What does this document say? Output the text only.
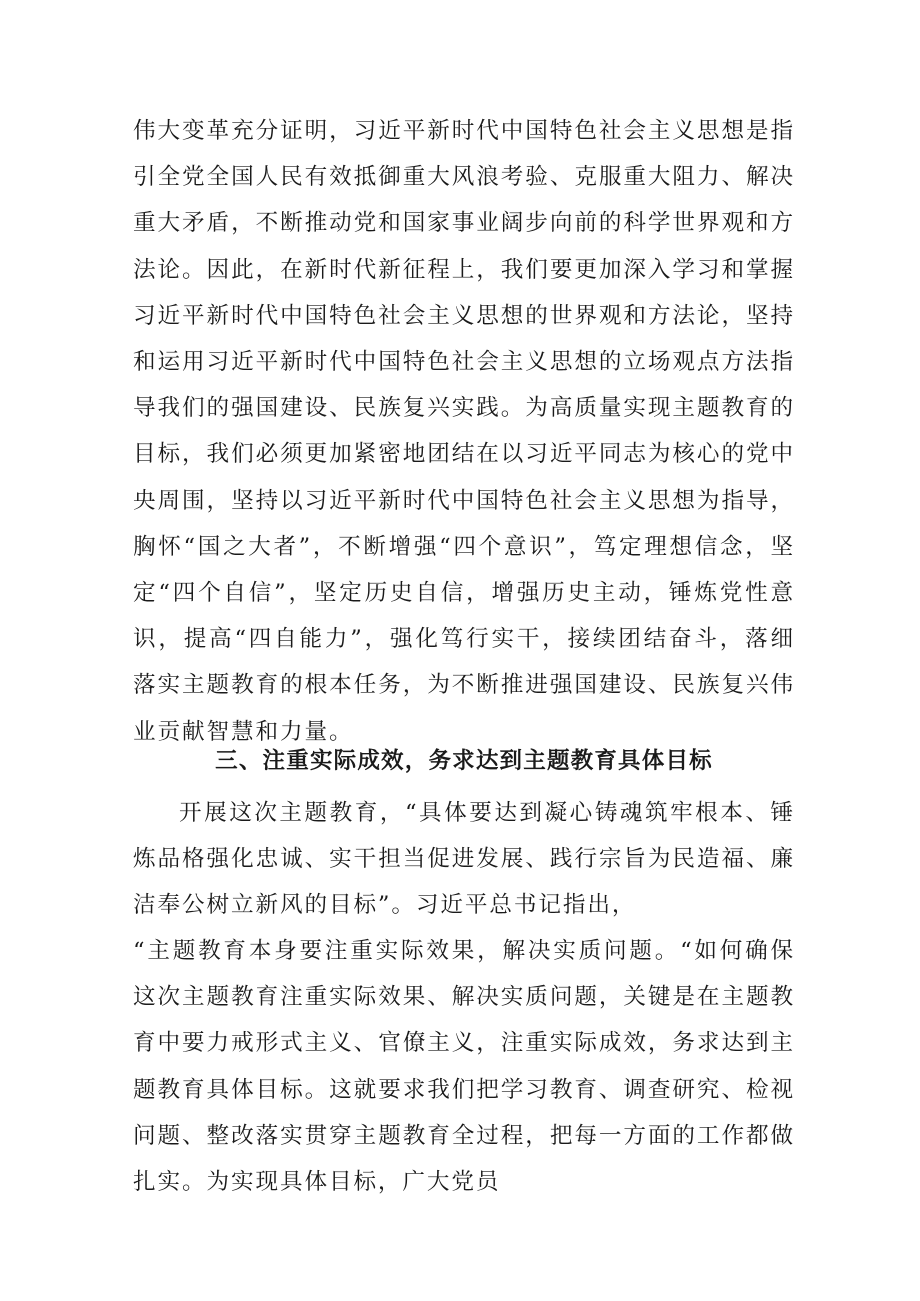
伟大变革充分证明，习近平新时代中国特色社会主义思想是指引全党全国人民有效抵御重大风浪考验、克服重大阻力、解决重大矛盾，不断推动党和国家事业阔步向前的科学世界观和方法论。因此，在新时代新征程上，我们要更加深入学习和掌握习近平新时代中国特色社会主义思想的世界观和方法论，坚持和运用习近平新时代中国特色社会主义思想的立场观点方法指导我们的强国建设、民族复兴实践。为高质量实现主题教育的目标，我们必须更加紧密地团结在以习近平同志为核心的党中央周围，坚持以习近平新时代中国特色社会主义思想为指导，胸怀“国之大者”，不断增强“四个意识”，笃定理想信念，坚定“四个自信”，坚定历史自信，增强历史主动，锤炼党性意识，提高“四自能力”，强化笃行实干，接续团结奋斗，落细落实主题教育的根本任务，为不断推进强国建设、民族复兴伟业贡献智慧和力量。

三、注重实际成效，务求达到主题教育具体目标

开展这次主题教育，“具体要达到凝心铸魂筑牢根本、锤炼品格强化忠诚、实干担当促进发展、践行宗旨为民造福、廉洁奉公树立新风的目标”。习近平总书记指出，

“主题教育本身要注重实际效果，解决实质问题。“如何确保这次主题教育注重实际效果、解决实质问题，关键是在主题教育中要力戒形式主义、官僚主义，注重实际成效，务求达到主题教育具体目标。这就要求我们把学习教育、调查研究、检视问题、整改落实贯穿主题教育全过程，把每一方面的工作都做扎实。为实现具体目标，广大党员
